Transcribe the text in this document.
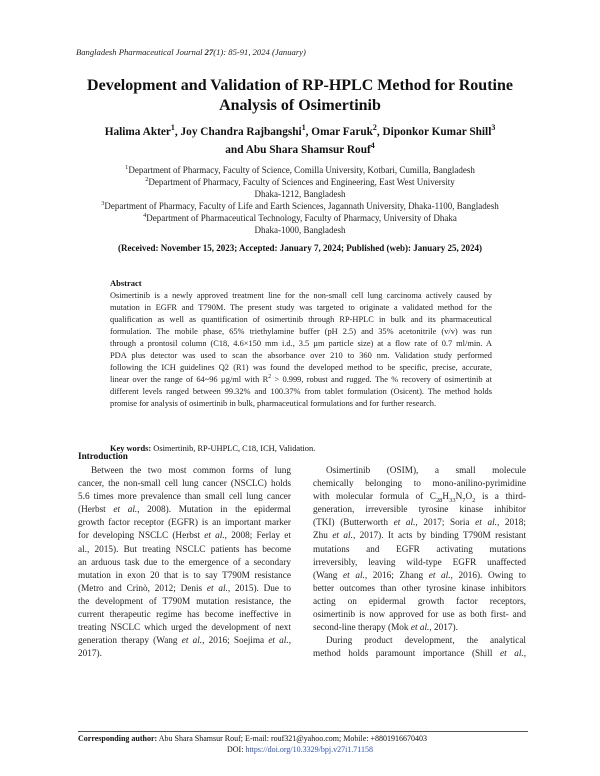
Bangladesh Pharmaceutical Journal 27(1): 85-91, 2024 (January)
Development and Validation of RP-HPLC Method for Routine
Analysis of Osimertinib
Halima Akter$^1$, Joy Chandra Rajbangshi$^1$, Omar Faruk$^2$, Diponkor Kumar Shill$^3$
and Abu Shara Shamsur Rouf$^4$
$^1$Department of Pharmacy, Faculty of Science, Comilla University, Kotbari, Cumilla, Bangladesh
$^2$Department of Pharmacy, Faculty of Sciences and Engineering, East West University
Dhaka-1212, Bangladesh
$^3$Department of Pharmacy, Faculty of Life and Earth Sciences, Jagannath University, Dhaka-1100, Bangladesh
$^4$Department of Pharmaceutical Technology, Faculty of Pharmacy, University of Dhaka
Dhaka-1000, Bangladesh
(Received: November 15, 2023; Accepted: January 7, 2024; Published (web): January 25, 2024)
Abstract
Osimertinib is a newly approved treatment line for the non-small cell lung carcinoma actively caused by
mutation in EGFR and T790M. The present study was targeted to originate a validated method for the
qualification as well as quantification of osimertinib through RP-HPLC in bulk and its pharmaceutical
formulation. The mobile phase, 65% triethylamine buffer (pH 2.5) and 35% acetonitrile (v/v) was run
through a prontosil column (C18, 4.6×150 mm i.d., 3.5 µm particle size) at a flow rate of 0.7 ml/min. A
PDA plus detector was used to scan the absorbance over 210 to 360 nm. Validation study performed
following the ICH guidelines Q2 (R1) was found the developed method to be specific, precise, accurate,
linear over the range of 64~96 µg/ml with $R^2 > 0.999$, robust and rugged. The % recovery of osimertinib at
different levels ranged between 99.32% and 100.37% from tablet formulation (Osicent). The method holds
promise for analysis of osimertinib in bulk, pharmaceutical formulations and for further research.
Key words: Osimertinib, RP-UHPLC, C18, ICH, Validation.
Introduction
Between the two most common forms of lung
cancer, the non-small cell lung cancer (NSCLC) holds
5.6 times more prevalence than small cell lung cancer
(Herbst et al., 2008). Mutation in the epidermal
growth factor receptor (EGFR) is an important marker
for developing NSCLC (Herbst et al., 2008; Ferlay et
al., 2015). But treating NSCLC patients has become
an arduous task due to the emergence of a secondary
mutation in exon 20 that is to say T790M resistance
(Metro and Crinò, 2012; Denis et al., 2015). Due to
the development of T790M mutation resistance, the
current therapeutic regime has become ineffective in
treating NSCLC which urged the development of next
generation therapy (Wang et al., 2016; Soejima et al.,
2017).
Osimertinib (OSIM), a small molecule
chemically belonging to mono-anilino-pyrimidine
with molecular formula of $C_{28}H_{33}N_7O_2$ is a third-
generation, irreversible tyrosine kinase inhibitor
(TKI) (Butterworth et al., 2017; Soria et al., 2018;
Zhu et al., 2017). It acts by binding T790M resistant
mutations and EGFR activating mutations
irreversibly, leaving wild-type EGFR unaffected
(Wang et al., 2016; Zhang et al., 2016). Owing to
better outcomes than other tyrosine kinase inhibitors
acting on epidermal growth factor receptors,
osimertinib is now approved for use as both first- and
second-line therapy (Mok et al., 2017).
During product development, the analytical
method holds paramount importance (Shill et al.,
Corresponding author: Abu Shara Shamsur Rouf; E-mail: rouf321@yahoo.com; Mobile: +8801916670403
DOI: https://doi.org/10.3329/bpj.v27i1.71158
